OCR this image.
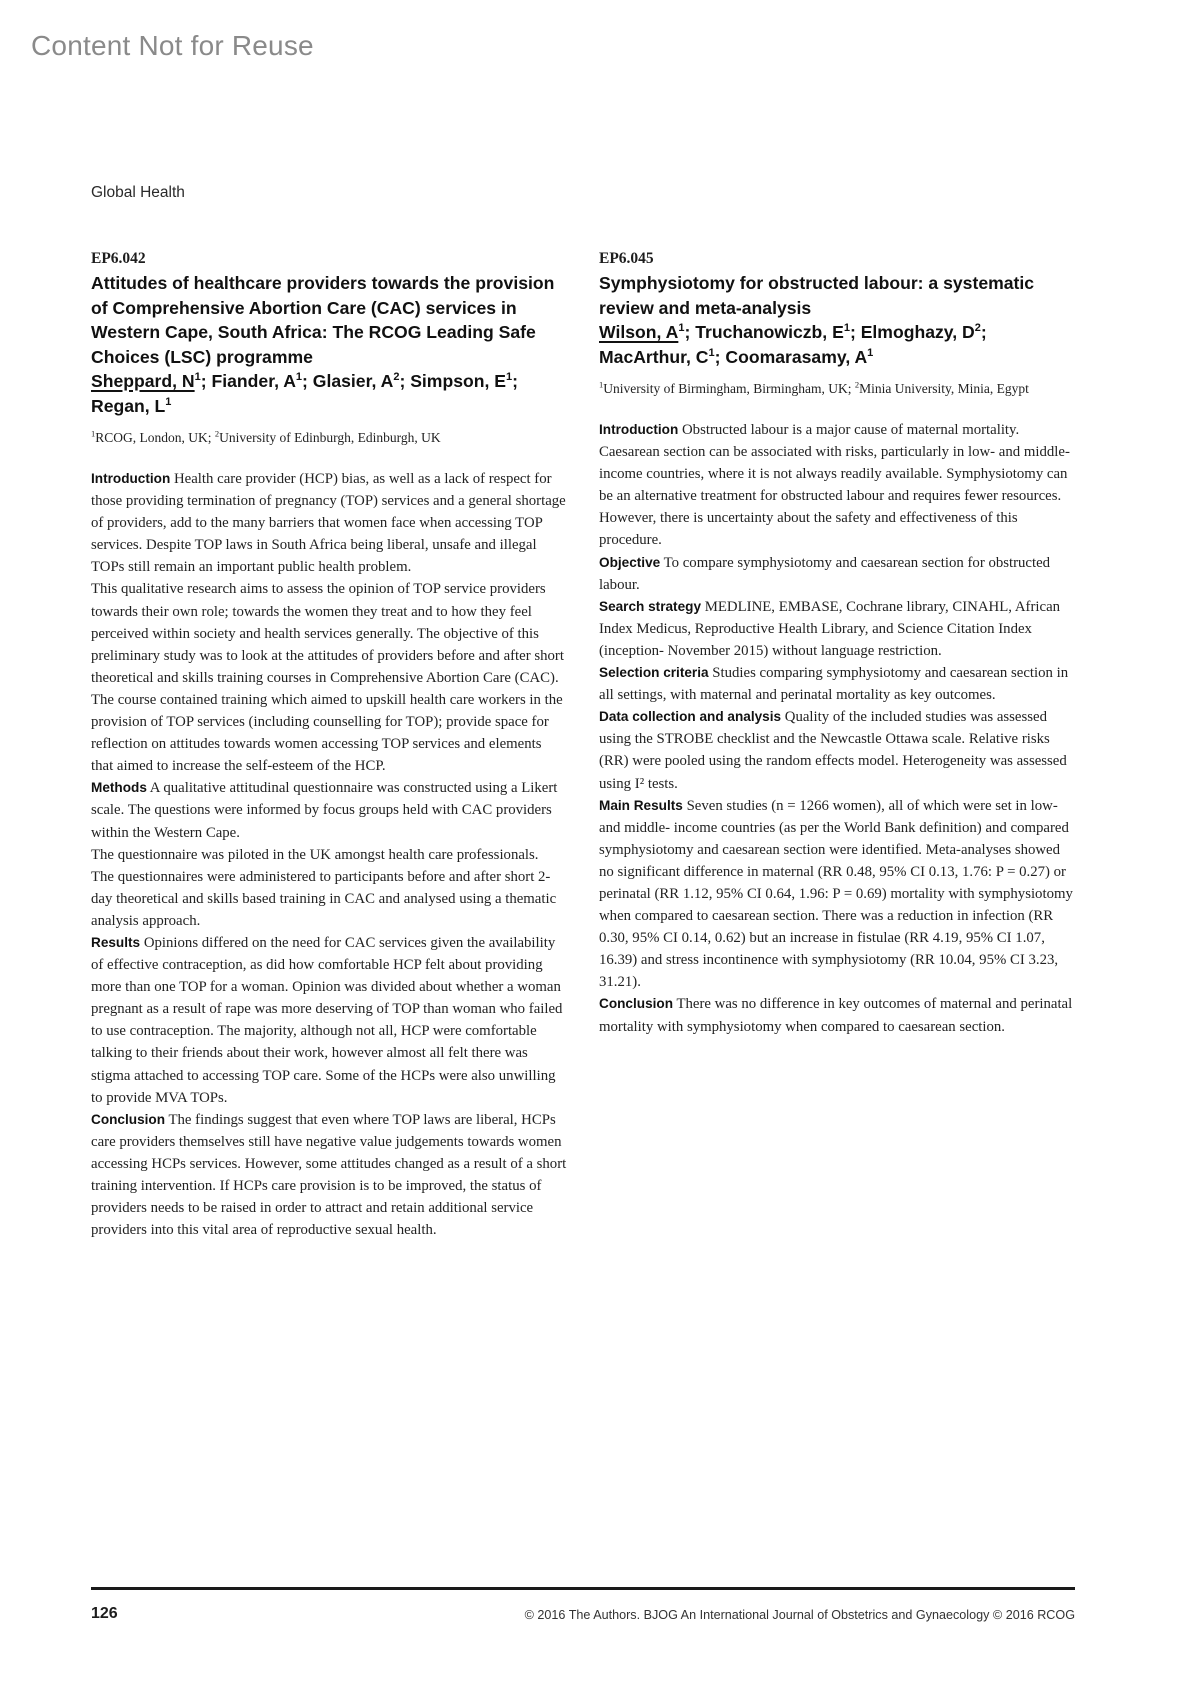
Content Not for Reuse
Global Health
EP6.042
Attitudes of healthcare providers towards the provision of Comprehensive Abortion Care (CAC) services in Western Cape, South Africa: The RCOG Leading Safe Choices (LSC) programme
Sheppard, $N^1$; Fiander, $A^1$; Glasier, $A^2$; Simpson, $E^1$; Regan, $L^1$
$^1$RCOG, London, UK; $^2$University of Edinburgh, Edinburgh, UK

Introduction Health care provider (HCP) bias, as well as a lack of respect for those providing termination of pregnancy (TOP) services and a general shortage of providers, add to the many barriers that women face when accessing TOP services. Despite TOP laws in South Africa being liberal, unsafe and illegal TOPs still remain an important public health problem.

This qualitative research aims to assess the opinion of TOP service providers towards their own role; towards the women they treat and to how they feel perceived within society and health services generally. The objective of this preliminary study was to look at the attitudes of providers before and after short theoretical and skills training courses in Comprehensive Abortion Care (CAC). The course contained training which aimed to upskill health care workers in the provision of TOP services (including counselling for TOP); provide space for reflection on attitudes towards women accessing TOP services and elements that aimed to increase the self-esteem of the HCP.

Methods A qualitative attitudinal questionnaire was constructed using a Likert scale. The questions were informed by focus groups held with CAC providers within the Western Cape.

The questionnaire was piloted in the UK amongst health care professionals.

The questionnaires were administered to participants before and after short 2-day theoretical and skills based training in CAC and analysed using a thematic analysis approach.

Results Opinions differed on the need for CAC services given the availability of effective contraception, as did how comfortable HCP felt about providing more than one TOP for a woman. Opinion was divided about whether a woman pregnant as a result of rape was more deserving of TOP than woman who failed to use contraception. The majority, although not all, HCP were comfortable talking to their friends about their work, however almost all felt there was stigma attached to accessing TOP care. Some of the HCPs were also unwilling to provide MVA TOPs.

Conclusion The findings suggest that even where TOP laws are liberal, HCPs care providers themselves still have negative value judgements towards women accessing HCPs services. However, some attitudes changed as a result of a short training intervention. If HCPs care provision is to be improved, the status of providers needs to be raised in order to attract and retain additional service providers into this vital area of reproductive sexual health.

EP6.045
Symphysiotomy for obstructed labour: a systematic review and meta-analysis
Wilson, $A^1$; Truchanowiczb, $E^1$; Elmoghazy, $D^2$; MacArthur, $C^1$; Coomarasamy, $A^1$
$^1$University of Birmingham, Birmingham, UK; $^2$Minia University, Minia, Egypt

Introduction Obstructed labour is a major cause of maternal mortality. Caesarean section can be associated with risks, particularly in low- and middle- income countries, where it is not always readily available. Symphysiotomy can be an alternative treatment for obstructed labour and requires fewer resources. However, there is uncertainty about the safety and effectiveness of this procedure.

Objective To compare symphysiotomy and caesarean section for obstructed labour.

Search strategy MEDLINE, EMBASE, Cochrane library, CINAHL, African Index Medicus, Reproductive Health Library, and Science Citation Index (inception- November 2015) without language restriction.

Selection criteria Studies comparing symphysiotomy and caesarean section in all settings, with maternal and perinatal mortality as key outcomes.

Data collection and analysis Quality of the included studies was assessed using the STROBE checklist and the Newcastle Ottawa scale. Relative risks (RR) were pooled using the random effects model. Heterogeneity was assessed using I² tests.

Main Results Seven studies (n = 1266 women), all of which were set in low- and middle- income countries (as per the World Bank definition) and compared symphysiotomy and caesarean section were identified. Meta-analyses showed no significant difference in maternal (RR 0.48, 95% CI 0.13, 1.76: P = 0.27) or perinatal (RR 1.12, 95% CI 0.64, 1.96: P = 0.69) mortality with symphysiotomy when compared to caesarean section. There was a reduction in infection (RR 0.30, 95% CI 0.14, 0.62) but an increase in fistulae (RR 4.19, 95% CI 1.07, 16.39) and stress incontinence with symphysiotomy (RR 10.04, 95% CI 3.23, 31.21).

Conclusion There was no difference in key outcomes of maternal and perinatal mortality with symphysiotomy when compared to caesarean section.

126	© 2016 The Authors. BJOG An International Journal of Obstetrics and Gynaecology © 2016 RCOG
